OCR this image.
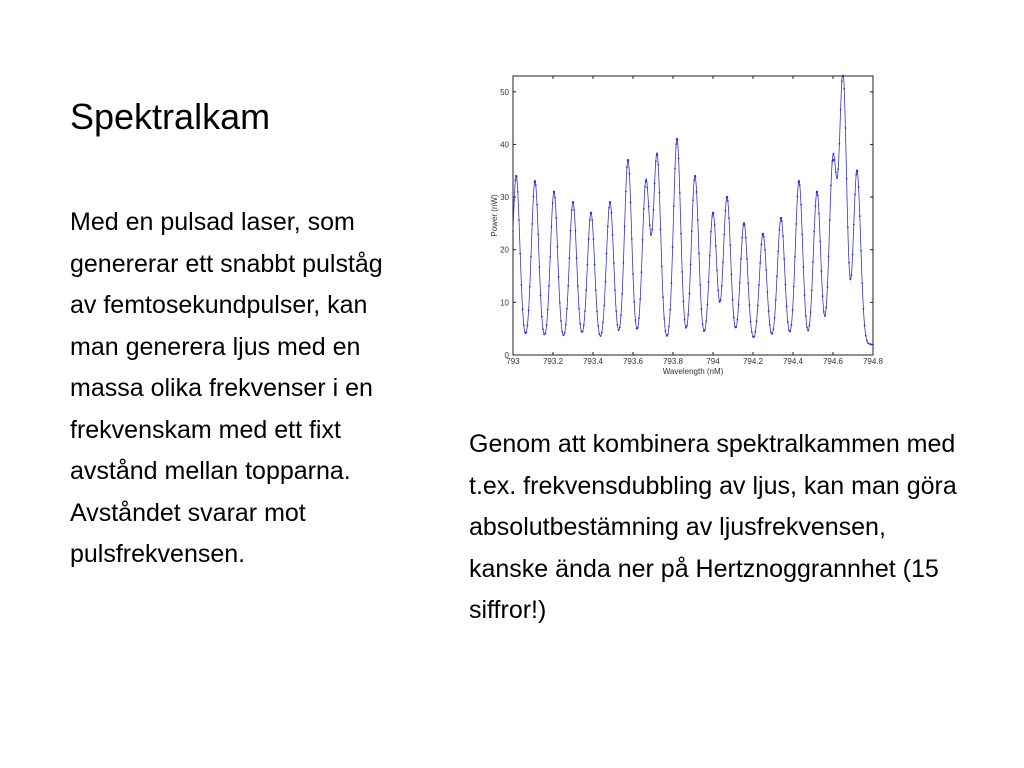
Spektralkam

Med en pulsad laser, som genererar ett snabbt pulståg av femtosekundpulser, kan man generera ljus med en massa olika frekvenser i en frekvenskam med ett fixt avstånd mellan topparna. Avståndet svarar mot pulsfrekvensen.

793	793.2 793.4 793.6 793.8	794	794.2 794.4 794.6 794.8
0
10
20
30
40
50
Wavelength (nM)
Power (nW)

Genom att kombinera spektralkammen med t.ex. frekvensdubbling av ljus, kan man göra absolutbestämning av ljusfrekvensen, kanske ända ner på Hertznoggrannhet (15 siffror!)
